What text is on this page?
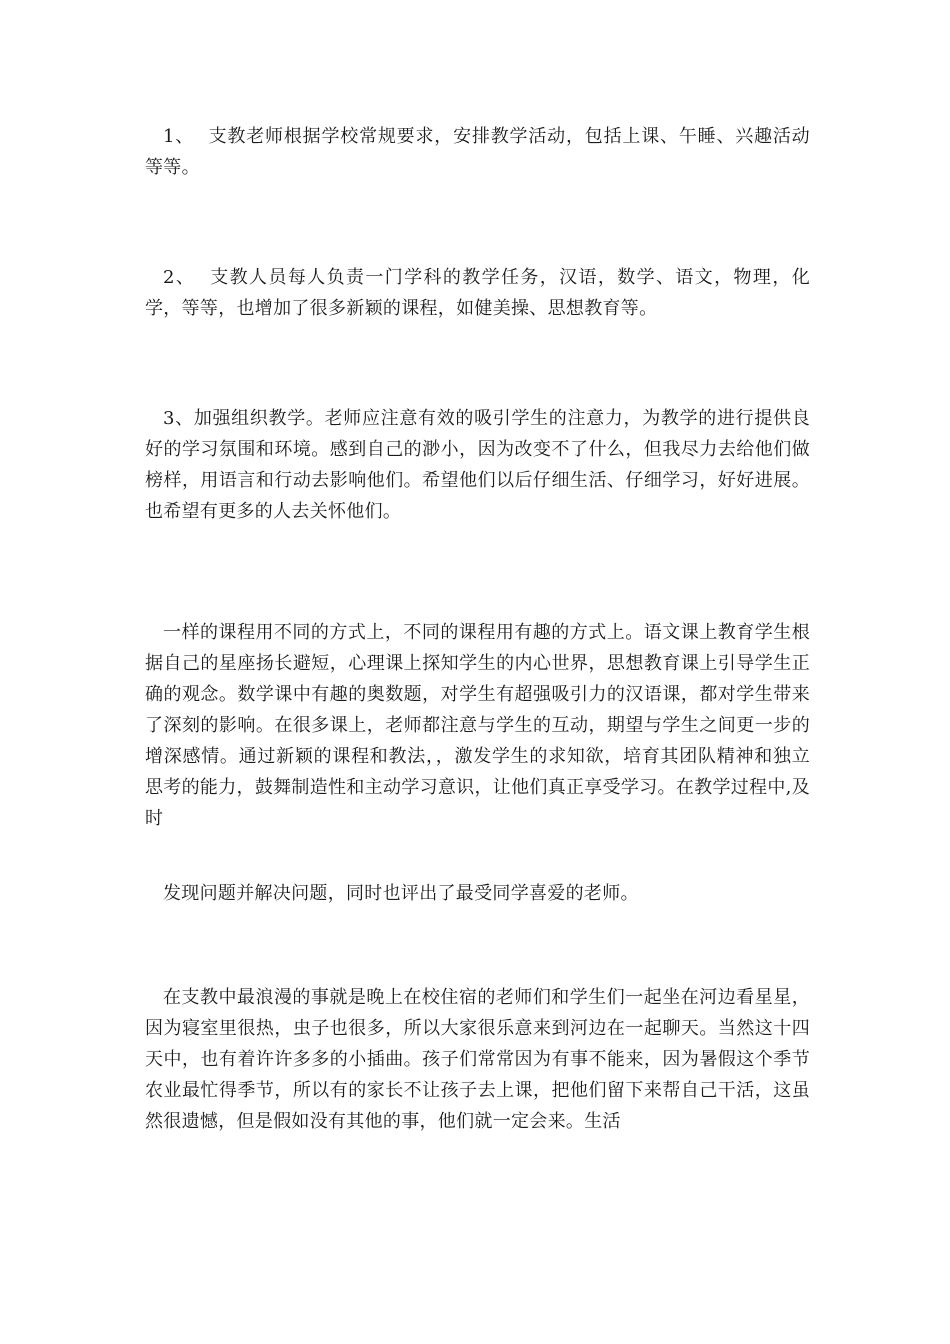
1、 支教老师根据学校常规要求，安排教学活动，包括上课、午睡、兴趣活动等等。

2、 支教人员每人负责一门学科的教学任务，汉语，数学、语文，物理，化学，等等，也增加了很多新颖的课程，如健美操、思想教育等。

3、加强组织教学。老师应注意有效的吸引学生的注意力，为教学的进行提供良好的学习氛围和环境。感到自己的渺小，因为改变不了什么，但我尽力去给他们做榜样，用语言和行动去影响他们。希望他们以后仔细生活、仔细学习，好好进展。也希望有更多的人去关怀他们。

一样的课程用不同的方式上，不同的课程用有趣的方式上。语文课上教育学生根据自己的星座扬长避短，心理课上探知学生的内心世界，思想教育课上引导学生正确的观念。数学课中有趣的奥数题，对学生有超强吸引力的汉语课，都对学生带来了深刻的影响。在很多课上，老师都注意与学生的互动，期望与学生之间更一步的增深感情。通过新颖的课程和教法，，激发学生的求知欲，培育其团队精神和独立思考的能力，鼓舞制造性和主动学习意识，让他们真正享受学习。在教学过程中,及时

发现问题并解决问题，同时也评出了最受同学喜爱的老师。

在支教中最浪漫的事就是晚上在校住宿的老师们和学生们一起坐在河边看星星，因为寝室里很热，虫子也很多，所以大家很乐意来到河边在一起聊天。当然这十四天中，也有着许许多多的小插曲。孩子们常常因为有事不能来，因为暑假这个季节农业最忙得季节，所以有的家长不让孩子去上课，把他们留下来帮自己干活，这虽然很遗憾，但是假如没有其他的事，他们就一定会来。生活
